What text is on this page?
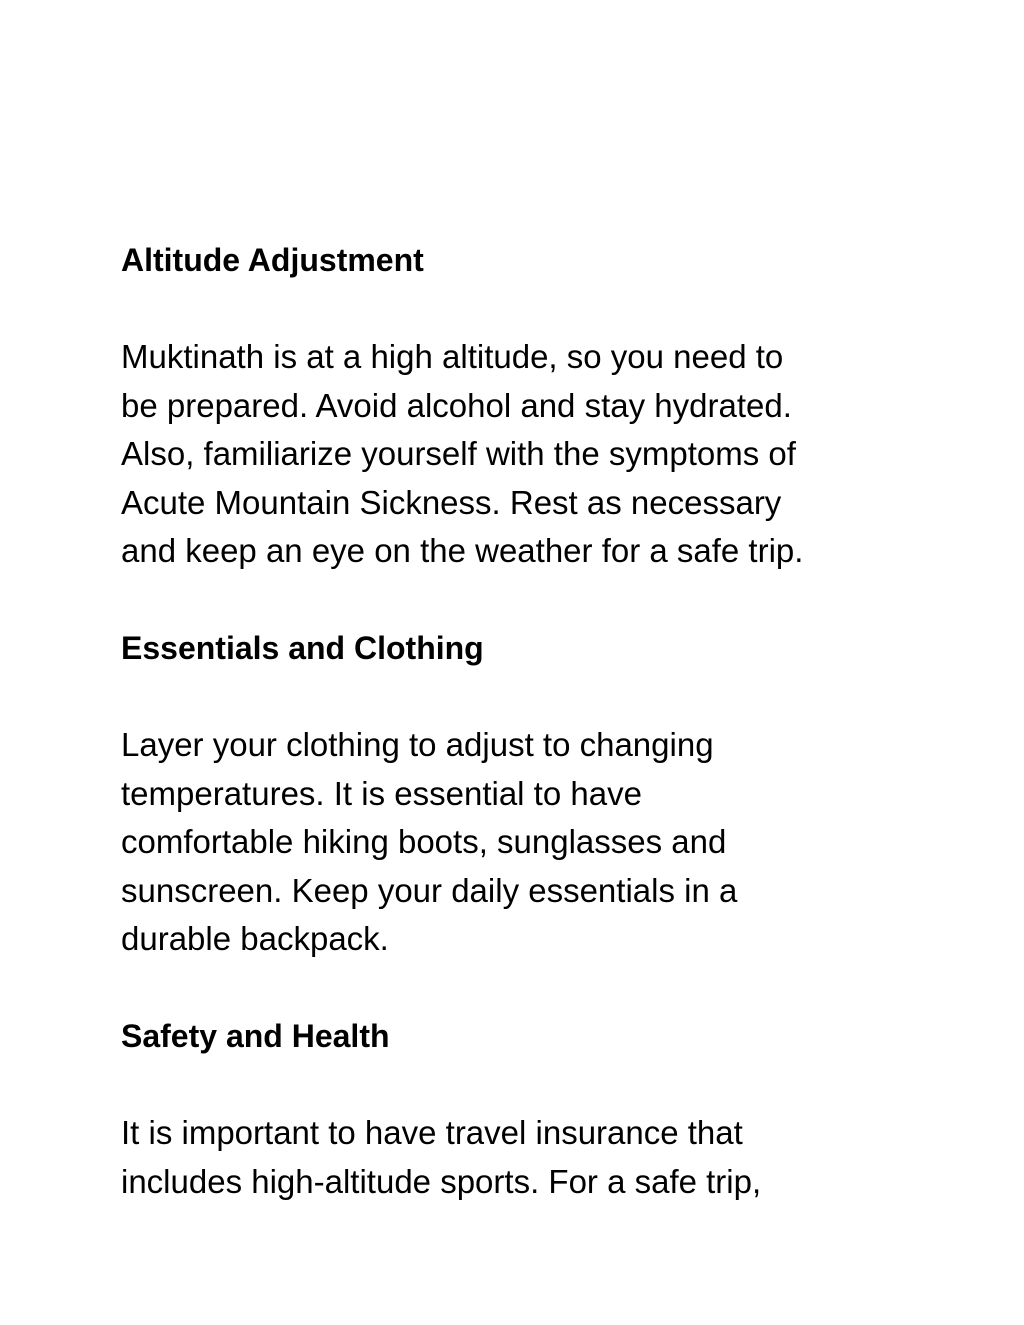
Altitude Adjustment
Muktinath is at a high altitude, so you need to
be prepared. Avoid alcohol and stay hydrated.
Also, familiarize yourself with the symptoms of
Acute Mountain Sickness. Rest as necessary
and keep an eye on the weather for a safe trip.
Essentials and Clothing
Layer your clothing to adjust to changing
temperatures. It is essential to have
comfortable hiking boots, sunglasses and
sunscreen. Keep your daily essentials in a
durable backpack.
Safety and Health
It is important to have travel insurance that
includes high-altitude sports. For a safe trip,
